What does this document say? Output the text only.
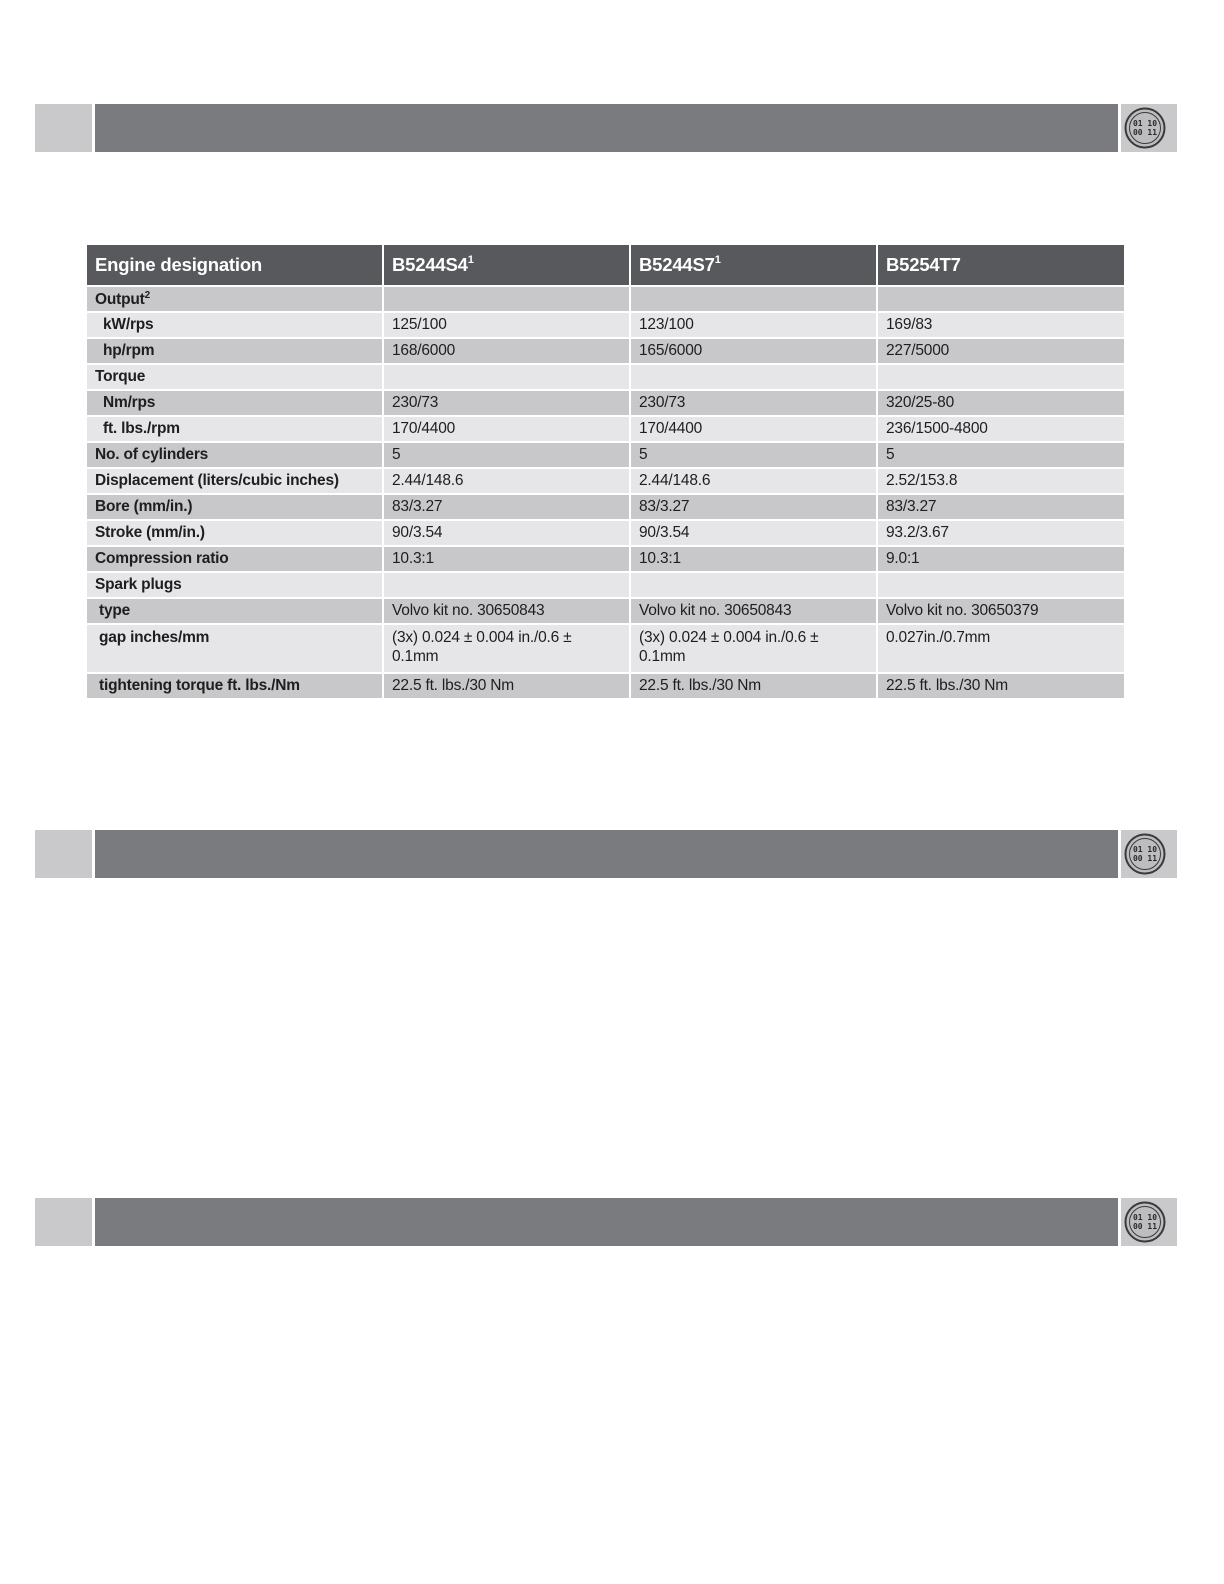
01 10
00 11
Engine designation	$B5244S4^1$	$B5244S7^1$	B5254T7
Output$^2$			
kW/rps	125/100	123/100	169/83
hp/rpm	168/6000	165/6000	227/5000
Torque			
Nm/rps	230/73	230/73	320/25-80
ft. lbs./rpm	170/4400	170/4400	236/1500-4800
No. of cylinders	5	5	5
Displacement (liters/cubic inches)	2.44/148.6	2.44/148.6	2.52/153.8
Bore (mm/in.)	83/3.27	83/3.27	83/3.27
Stroke (mm/in.)	90/3.54	90/3.54	93.2/3.67
Compression ratio	10.3:1	10.3:1	9.0:1
Spark plugs			
type	Volvo kit no. 30650843	Volvo kit no. 30650843	Volvo kit no. 30650379
gap inches/mm	(3x) 0.024 ± 0.004 in./0.6 ± 0.1mm	(3x) 0.024 ± 0.004 in./0.6 ± 0.1mm	0.027in./0.7mm
tightening torque ft. lbs./Nm	22.5 ft. lbs./30 Nm	22.5 ft. lbs./30 Nm	22.5 ft. lbs./30 Nm
01 10
00 11
01 10
00 11
